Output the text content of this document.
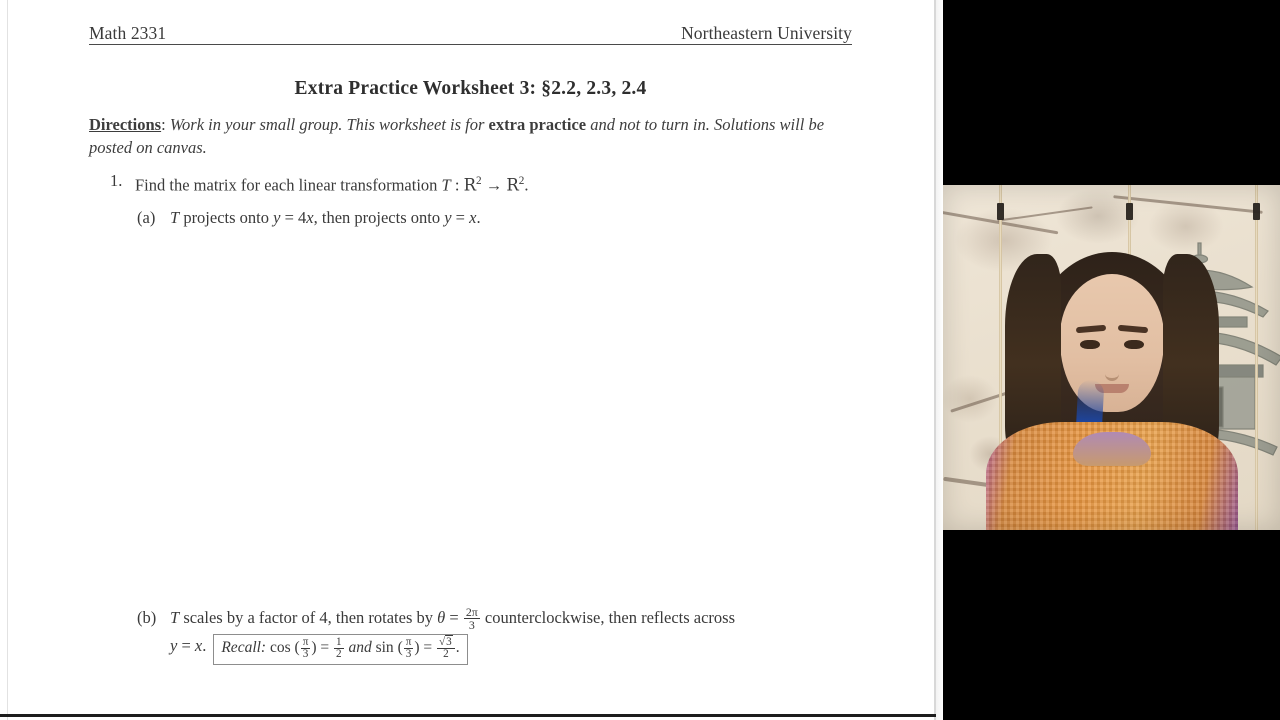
Math 2331	Northeastern University
Extra Practice Worksheet 3: §2.2, 2.3, 2.4
Directions: Work in your small group. This worksheet is for extra practice and not to turn in. Solutions will be posted on canvas.
1. Find the matrix for each linear transformation T : $R^2 \to R^2$.
(a) T projects onto y = 4x, then projects onto y = x.
(b) T scales by a factor of 4, then rotates by $\theta = \frac{2\pi}{3}$ counterclockwise, then reflects across
y = x. Recall: cos ( $\frac{\pi}{3}$ ) = $\frac{1}{2}$ and sin ( $\frac{\pi}{3}$ ) = $\frac{√3}{2}$ .
